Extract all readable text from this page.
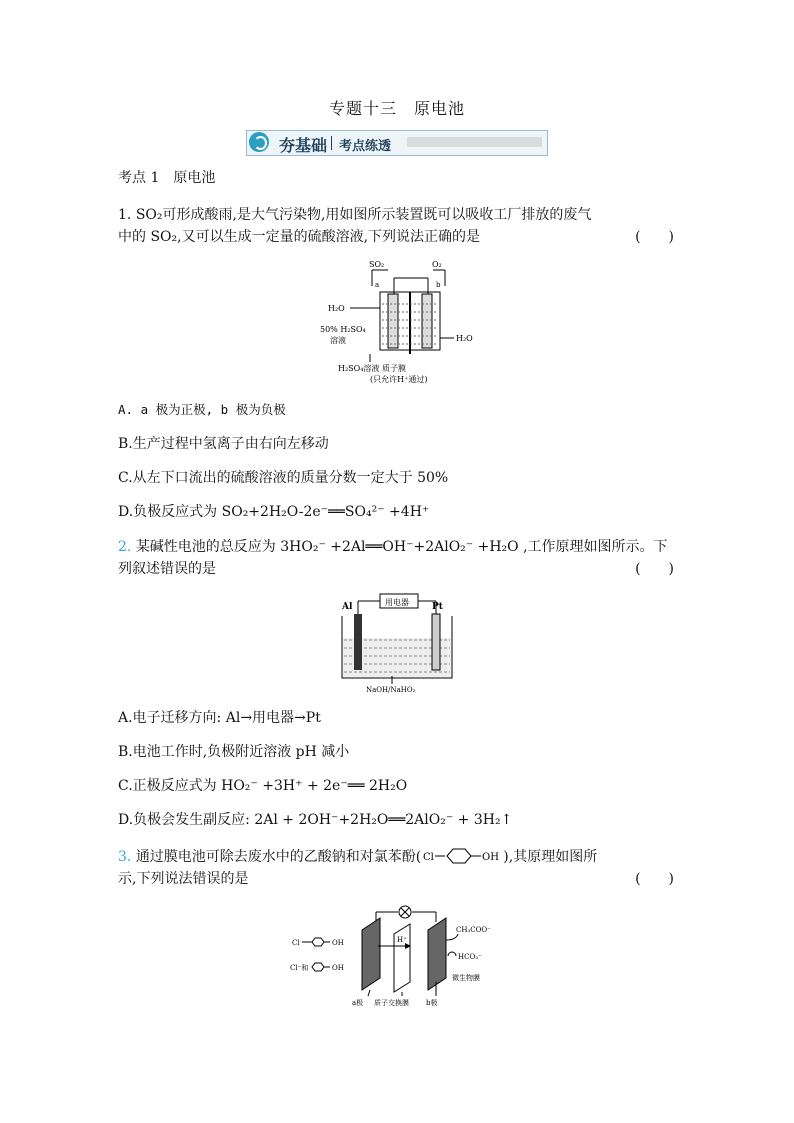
专题十三　原电池
夯基础 考点练透
考点 1　原电池
1. SO₂可形成酸雨,是大气污染物,用如图所示装置既可以吸收工厂排放的废气
中的 SO₂,又可以生成一定量的硫酸溶液,下列说法正确的是	(　　)
SO₂	O₂
a	b
H₂O
50% H₂SO₄
溶液	H₂O
H₂SO₄溶液 质子膜
(只允许H⁺通过)
A. a 极为正极, b 极为负极
B.生产过程中氢离子由右向左移动
C.从左下口流出的硫酸溶液的质量分数一定大于 50%
D.负极反应式为 SO₂+2H₂O-2e⁻══SO₄²⁻ +4H⁺
2. 某碱性电池的总反应为 3HO₂⁻ +2Al══OH⁻+2AlO₂⁻ +H₂O ,工作原理如图所示。下
列叙述错误的是	(　　)
Al	Pt
用电器
NaOH/NaHO₂
A.电子迁移方向: Al→用电器→Pt
B.电池工作时,负极附近溶液 pH 减小
C.正极反应式为 HO₂⁻ +3H⁺ + 2e⁻══ 2H₂O
D.负极会发生副反应: 2Al + 2OH⁻+2H₂O══2AlO₂⁻ + 3H₂↑
3. 通过膜电池可除去废水中的乙酸钠和对氯苯酚( Cl	OH ),其原理如图所
示,下列说法错误的是	(　　)
H⁺
Cl	OH
Cl⁻和	OH
CH₃COO⁻
HCO₃⁻
微生物膜
a极 质子交换膜 b极
